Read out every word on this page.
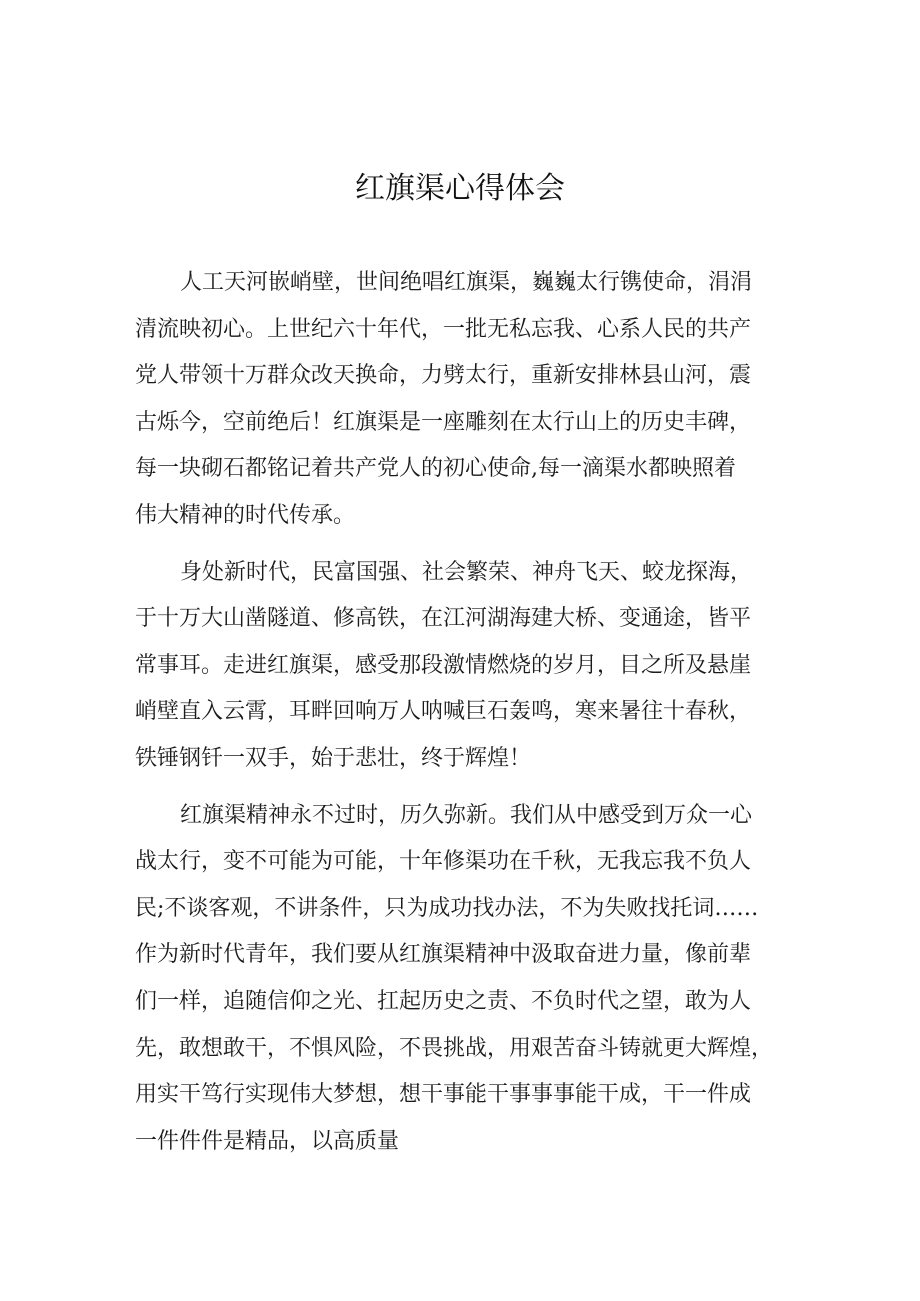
红旗渠心得体会

人工天河嵌峭壁，世间绝唱红旗渠，巍巍太行镌使命，涓涓
清流映初心。上世纪六十年代，一批无私忘我、心系人民的共产
党人带领十万群众改天换命，力劈太行，重新安排林县山河，震
古烁今，空前绝后！红旗渠是一座雕刻在太行山上的历史丰碑，
每一块砌石都铭记着共产党人的初心使命,每一滴渠水都映照着
伟大精神的时代传承。

身处新时代，民富国强、社会繁荣、神舟飞天、蛟龙探海，
于十万大山凿隧道、修高铁，在江河湖海建大桥、变通途，皆平
常事耳。走进红旗渠，感受那段激情燃烧的岁月，目之所及悬崖
峭壁直入云霄，耳畔回响万人呐喊巨石轰鸣，寒来暑往十春秋，
铁锤钢钎一双手，始于悲壮，终于辉煌！

红旗渠精神永不过时，历久弥新。我们从中感受到万众一心
战太行，变不可能为可能，十年修渠功在千秋，无我忘我不负人
民;不谈客观，不讲条件，只为成功找办法，不为失败找托词……
作为新时代青年，我们要从红旗渠精神中汲取奋进力量，像前辈
们一样，追随信仰之光、扛起历史之责、不负时代之望，敢为人
先，敢想敢干，不惧风险，不畏挑战，用艰苦奋斗铸就更大辉煌，
用实干笃行实现伟大梦想，想干事能干事事事能干成，干一件成
一件件件是精品，以高质量
